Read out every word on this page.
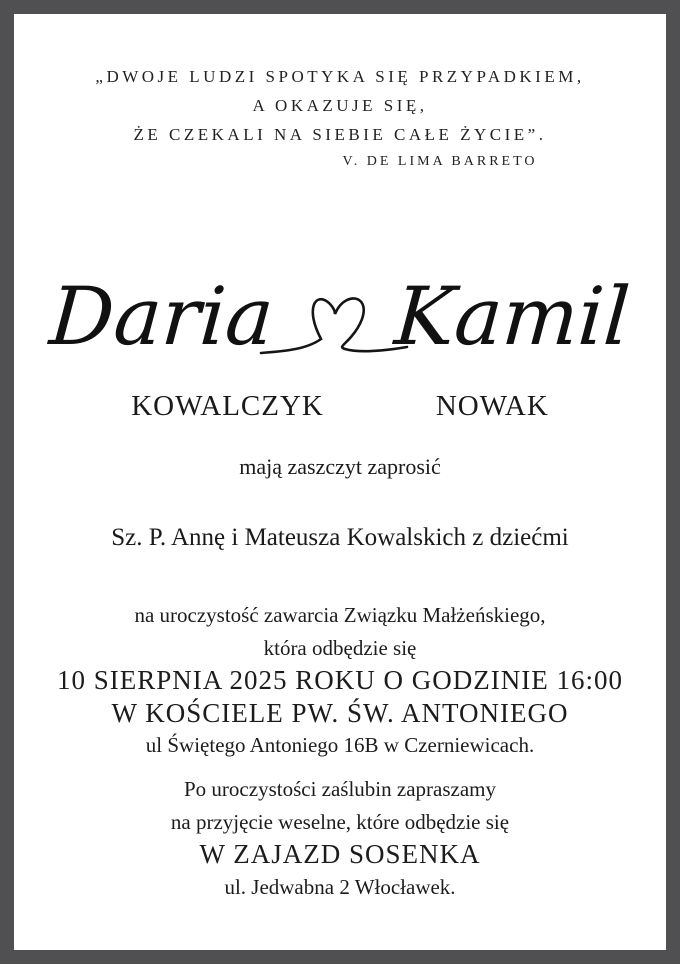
„DWOJE LUDZI SPOTYKA SIĘ PRZYPADKIEM,
A OKAZUJE SIĘ,
ŻE CZEKALI NA SIEBIE CAŁE ŻYCIE”.
V. DE LIMA BARRETO
Daria Kamil
KOWALCZYK	NOWAK
mają zaszczyt zaprosić
Sz. P. Annę i Mateusza Kowalskich z dziećmi
na uroczystość zawarcia Związku Małżeńskiego,
która odbędzie się
10 SIERPNIA 2025 ROKU O GODZINIE 16:00
W KOŚCIELE PW. ŚW. ANTONIEGO
ul Świętego Antoniego 16B w Czerniewicach.
Po uroczystości zaślubin zapraszamy
na przyjęcie weselne, które odbędzie się
W ZAJAZD SOSENKA
ul. Jedwabna 2 Włocławek.
